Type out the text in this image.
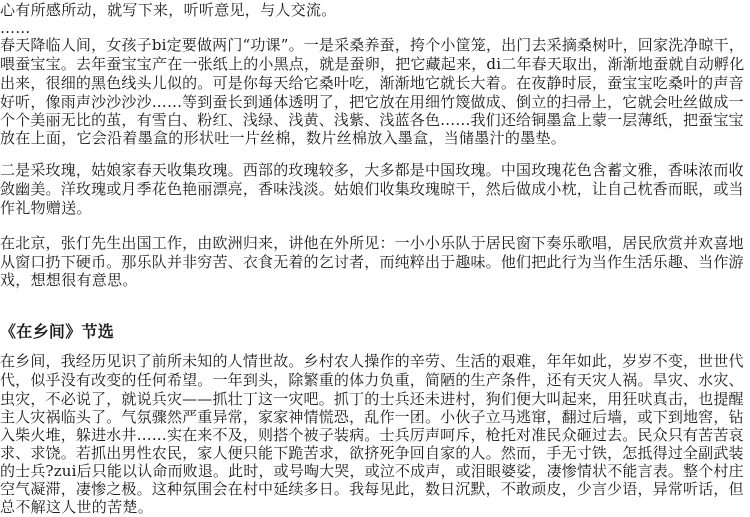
心有所感所动，就写下来，听听意见，与人交流。
……
春天降临人间，女孩子bi定要做两门“功课”。一是采桑养蚕，挎个小筐笼，出门去采摘桑树叶，回家洗净晾干，
喂蚕宝宝。去年蚕宝宝产在一张纸上的小黑点，就是蚕卵，把它藏起来，di二年春天取出，渐渐地蚕就自动孵化
出来，很细的黑色线头儿似的。可是你每天给它桑叶吃，渐渐地它就长大着。在夜静时辰，蚕宝宝吃桑叶的声音
好听，像雨声沙沙沙沙……等到蚕长到通体透明了，把它放在用细竹篾做成、倒立的扫帚上，它就会吐丝做成一
个个美丽无比的茧，有雪白、粉红、浅绿、浅黄、浅紫、浅蓝各色……我们还给铜墨盒上蒙一层薄纸，把蚕宝宝
放在上面，它会沿着墨盒的形状吐一片丝棉，数片丝棉放入墨盒，当储墨汁的墨垫。
二是采玫瑰，姑娘家春天收集玫瑰。西部的玫瑰较多，大多都是中国玫瑰。中国玫瑰花色含蓄文雅，香味浓而收
敛幽美。洋玫瑰或月季花色艳丽漂亮，香味浅淡。姑娘们收集玫瑰晾干，然后做成小枕，让自己枕香而眠，或当
作礼物赠送。
在北京，张仃先生出国工作，由欧洲归来，讲他在外所见：一小小乐队于居民窗下奏乐歌唱，居民欣赏并欢喜地
从窗口扔下硬币。那乐队并非穷苦、衣食无着的乞讨者，而纯粹出于趣味。他们把此行为当作生活乐趣、当作游
戏，想想很有意思。
《在乡间》节选
在乡间，我经历见识了前所未知的人情世故。乡村农人操作的辛劳、生活的艰难，年年如此，岁岁不变，世世代
代，似乎没有改变的任何希望。一年到头，除繁重的体力负重，简陋的生产条件，还有天灾人祸。旱灾、水灾、
虫灾，不必说了，就说兵灾——抓壮丁这一灾吧。抓丁的士兵还未进村，狗们便大叫起来，用狂吠真击，也提醒
主人灾祸临头了。气氛骤然严重异常，家家神情慌恐，乱作一团。小伙子立马逃窜，翻过后墙，或下到地窖，钻
入柴火堆，躲进水井……实在来不及，则搭个被子装病。士兵厉声呵斥，枪托对准民众砸过去。民众只有苦苦哀
求、求饶。若抓出男性农民，家人便只能下跪苦求，欲挤死争回自家的人。然而，手无寸铁，怎抵得过全副武装
的士兵?zui后只能以认命而败退。此时，或号啕大哭，或泣不成声，或泪眼婆娑，凄惨情状不能言表。整个村庄
空气凝滞，凄惨之极。这种氛围会在村中延续多日。我每见此，数日沉默，不敢顽皮，少言少语，异常听话，但
总不解这人世的苦楚。
